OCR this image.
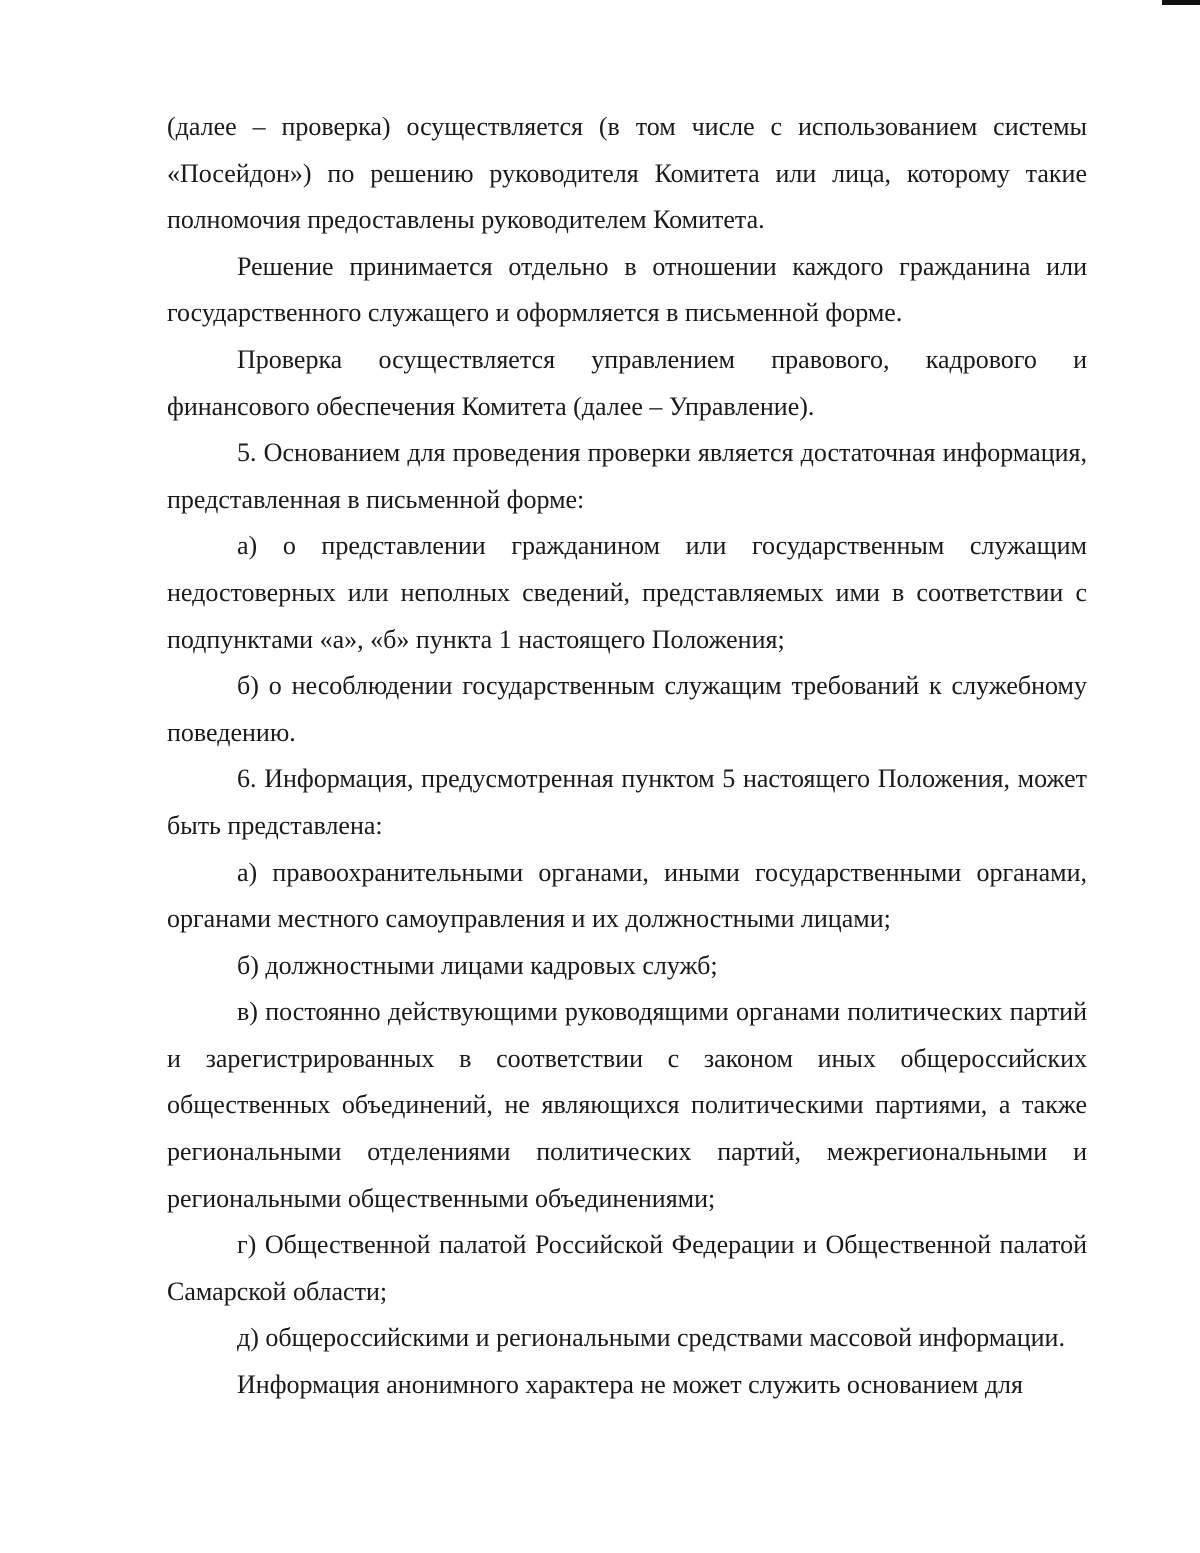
(далее – проверка) осуществляется (в том числе с использованием системы «Посейдон») по решению руководителя Комитета или лица, которому такие полномочия предоставлены руководителем Комитета.

Решение принимается отдельно в отношении каждого гражданина или государственного служащего и оформляется в письменной форме.

Проверка осуществляется управлением правового, кадрового и финансового обеспечения Комитета (далее – Управление).

5. Основанием для проведения проверки является достаточная информация, представленная в письменной форме:

а) о представлении гражданином или государственным служащим недостоверных или неполных сведений, представляемых ими в соответствии с подпунктами «а», «б» пункта 1 настоящего Положения;

б) о несоблюдении государственным служащим требований к служебному поведению.

6. Информация, предусмотренная пунктом 5 настоящего Положения, может быть представлена:

а) правоохранительными органами, иными государственными органами, органами местного самоуправления и их должностными лицами;

б) должностными лицами кадровых служб;

в) постоянно действующими руководящими органами политических партий и зарегистрированных в соответствии с законом иных общероссийских общественных объединений, не являющихся политическими партиями, а также региональными отделениями политических партий, межрегиональными и региональными общественными объединениями;

г) Общественной палатой Российской Федерации и Общественной палатой Самарской области;

д) общероссийскими и региональными средствами массовой информации.

Информация анонимного характера не может служить основанием для
